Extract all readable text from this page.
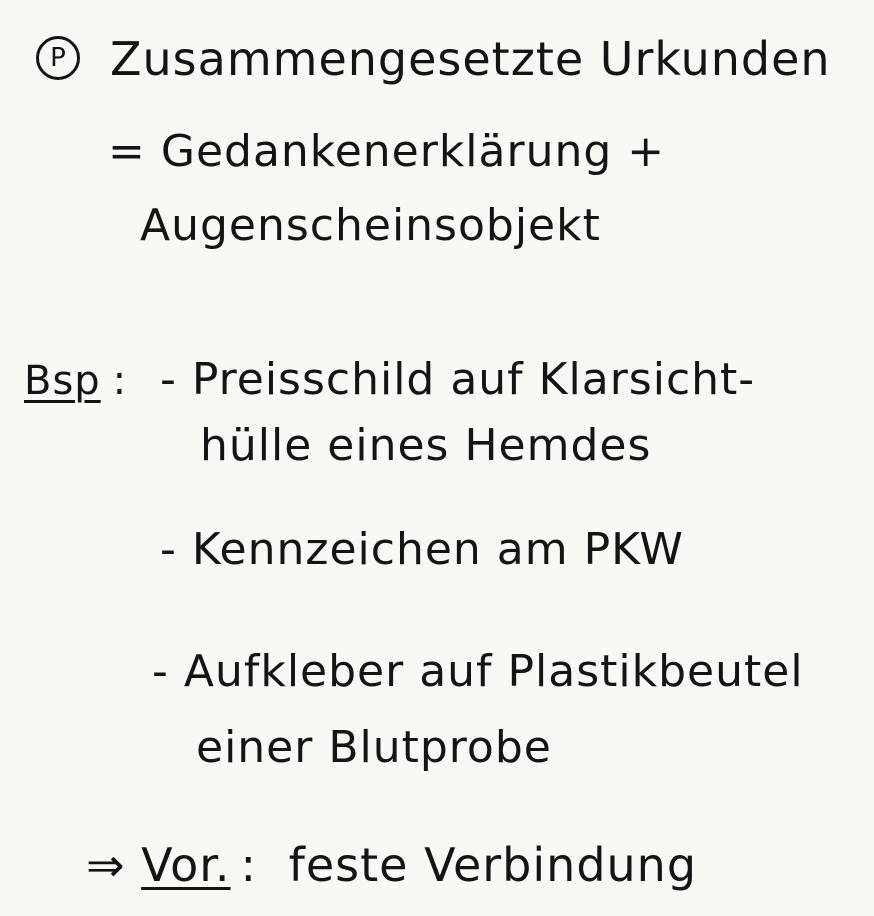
P Zusammengesetzte Urkunden
= Gedankenerklärung +
Augenscheinsobjekt
Bsp : - Preisschild auf Klarsicht-
hülle eines Hemdes
- Kennzeichen am PKW
- Aufkleber auf Plastikbeutel
einer Blutprobe
⇒ Vor. : feste Verbindung
